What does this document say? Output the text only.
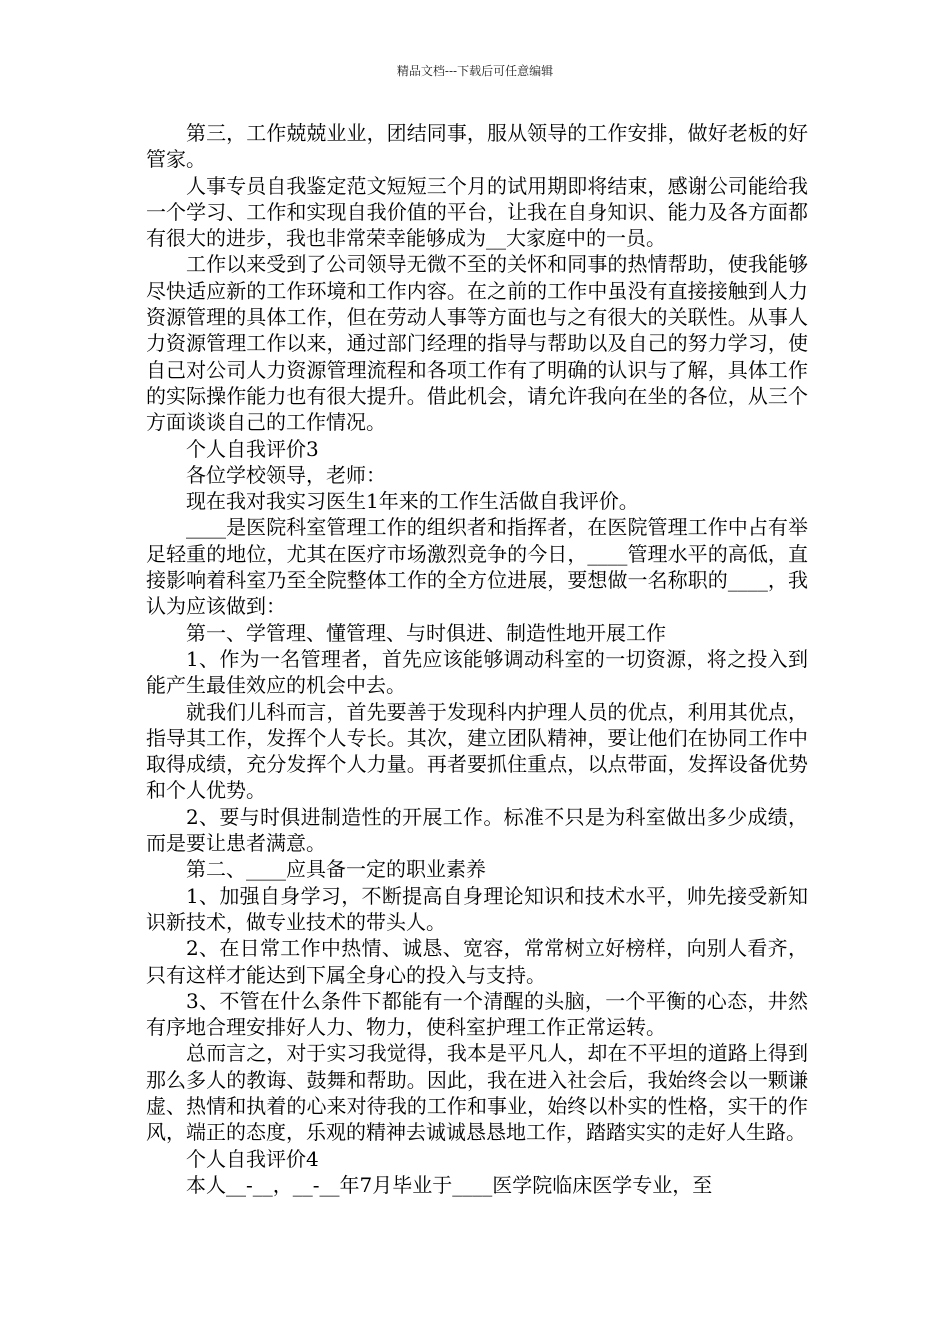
精品文档---下载后可任意编辑

第三，工作兢兢业业，团结同事，服从领导的工作安排，做好老板的好管家。

人事专员自我鉴定范文短短三个月的试用期即将结束，感谢公司能给我一个学习、工作和实现自我价值的平台，让我在自身知识、能力及各方面都有很大的进步，我也非常荣幸能够成为__大家庭中的一员。

工作以来受到了公司领导无微不至的关怀和同事的热情帮助，使我能够尽快适应新的工作环境和工作内容。在之前的工作中虽没有直接接触到人力资源管理的具体工作，但在劳动人事等方面也与之有很大的关联性。从事人力资源管理工作以来，通过部门经理的指导与帮助以及自己的努力学习，使自己对公司人力资源管理流程和各项工作有了明确的认识与了解，具体工作的实际操作能力也有很大提升。借此机会，请允许我向在坐的各位，从三个方面谈谈自己的工作情况。

个人自我评价3

各位学校领导，老师：

现在我对我实习医生1年来的工作生活做自我评价。

____是医院科室管理工作的组织者和指挥者，在医院管理工作中占有举足轻重的地位，尤其在医疗市场激烈竞争的今日，____管理水平的高低，直接影响着科室乃至全院整体工作的全方位进展，要想做一名称职的____，我认为应该做到：

第一、学管理、懂管理、与时俱进、制造性地开展工作

1、作为一名管理者，首先应该能够调动科室的一切资源，将之投入到能产生最佳效应的机会中去。

就我们儿科而言，首先要善于发现科内护理人员的优点，利用其优点，指导其工作，发挥个人专长。其次，建立团队精神，要让他们在协同工作中取得成绩，充分发挥个人力量。再者要抓住重点，以点带面，发挥设备优势和个人优势。

2、要与时俱进制造性的开展工作。标准不只是为科室做出多少成绩，而是要让患者满意。

第二、____应具备一定的职业素养

1、加强自身学习，不断提高自身理论知识和技术水平，帅先接受新知识新技术，做专业技术的带头人。

2、在日常工作中热情、诚恳、宽容，常常树立好榜样，向别人看齐，只有这样才能达到下属全身心的投入与支持。

3、不管在什么条件下都能有一个清醒的头脑，一个平衡的心态，井然有序地合理安排好人力、物力，使科室护理工作正常运转。

总而言之，对于实习我觉得，我本是平凡人，却在不平坦的道路上得到那么多人的教诲、鼓舞和帮助。因此，我在进入社会后，我始终会以一颗谦虚、热情和执着的心来对待我的工作和事业，始终以朴实的性格，实干的作风，端正的态度，乐观的精神去诚诚恳恳地工作，踏踏实实的走好人生路。

个人自我评价4

本人__-__，__-__年7月毕业于____医学院临床医学专业，至
